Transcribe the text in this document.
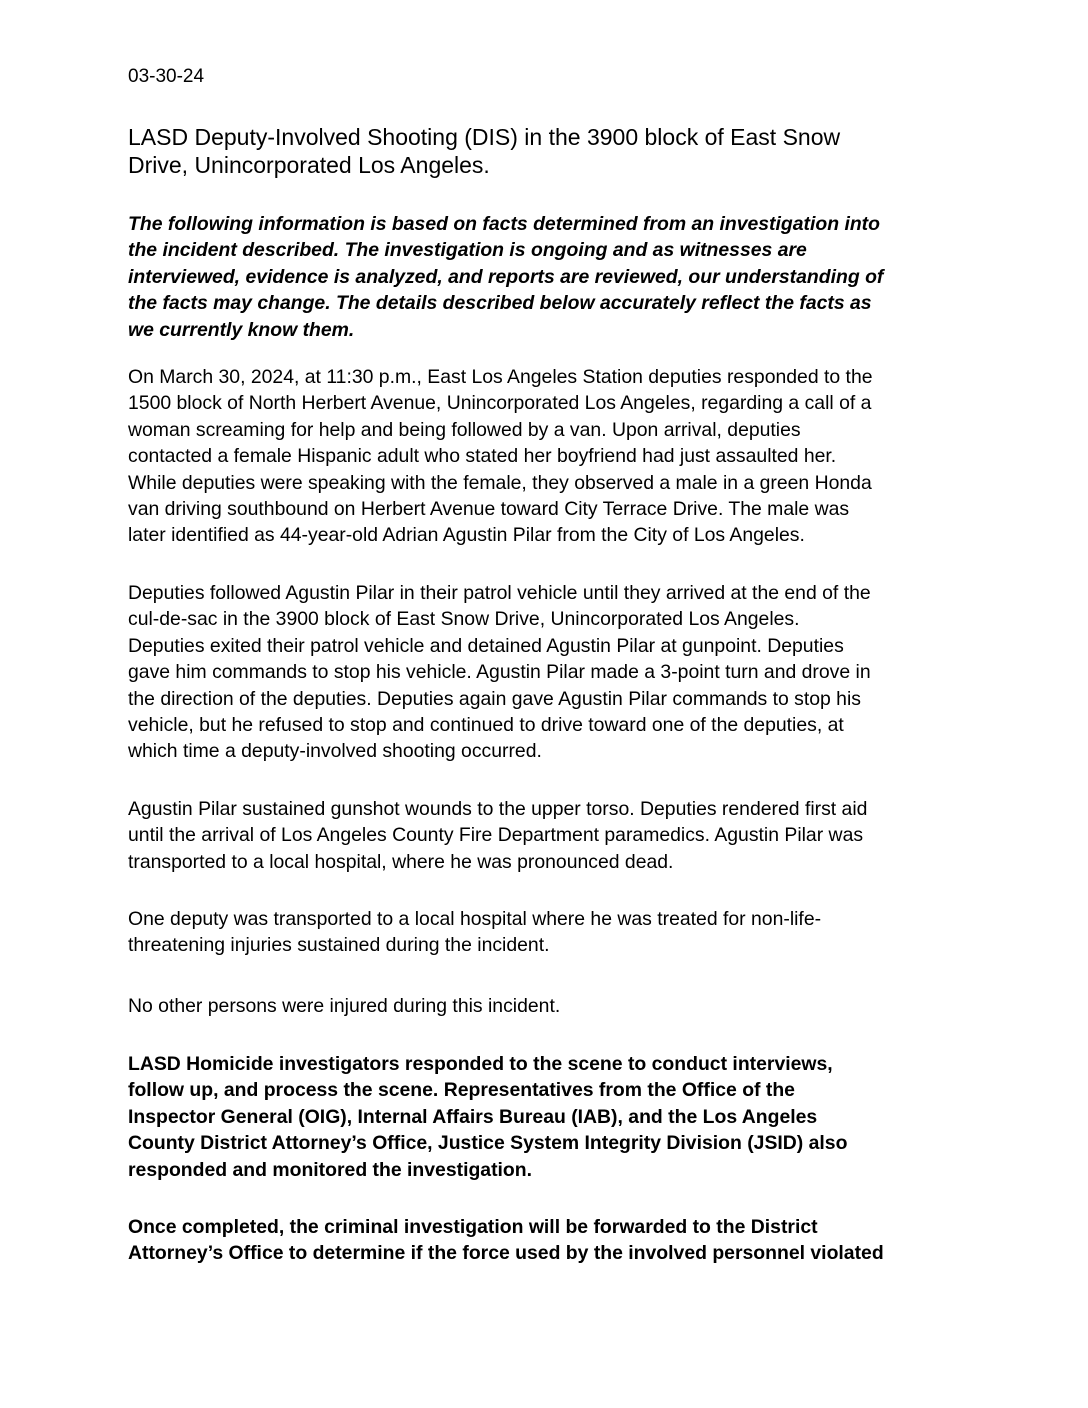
03-30-24
LASD Deputy-Involved Shooting (DIS) in the 3900 block of East Snow
Drive, Unincorporated Los Angeles.
The following information is based on facts determined from an investigation into
the incident described. The investigation is ongoing and as witnesses are
interviewed, evidence is analyzed, and reports are reviewed, our understanding of
the facts may change. The details described below accurately reflect the facts as
we currently know them.
On March 30, 2024, at 11:30 p.m., East Los Angeles Station deputies responded to the
1500 block of North Herbert Avenue, Unincorporated Los Angeles, regarding a call of a
woman screaming for help and being followed by a van. Upon arrival, deputies
contacted a female Hispanic adult who stated her boyfriend had just assaulted her.
While deputies were speaking with the female, they observed a male in a green Honda
van driving southbound on Herbert Avenue toward City Terrace Drive. The male was
later identified as 44-year-old Adrian Agustin Pilar from the City of Los Angeles.
Deputies followed Agustin Pilar in their patrol vehicle until they arrived at the end of the
cul-de-sac in the 3900 block of East Snow Drive, Unincorporated Los Angeles.
Deputies exited their patrol vehicle and detained Agustin Pilar at gunpoint. Deputies
gave him commands to stop his vehicle. Agustin Pilar made a 3-point turn and drove in
the direction of the deputies. Deputies again gave Agustin Pilar commands to stop his
vehicle, but he refused to stop and continued to drive toward one of the deputies, at
which time a deputy-involved shooting occurred.
Agustin Pilar sustained gunshot wounds to the upper torso. Deputies rendered first aid
until the arrival of Los Angeles County Fire Department paramedics. Agustin Pilar was
transported to a local hospital, where he was pronounced dead.
One deputy was transported to a local hospital where he was treated for non-life-
threatening injuries sustained during the incident.
No other persons were injured during this incident.
LASD Homicide investigators responded to the scene to conduct interviews,
follow up, and process the scene. Representatives from the Office of the
Inspector General (OIG), Internal Affairs Bureau (IAB), and the Los Angeles
County District Attorney’s Office, Justice System Integrity Division (JSID) also
responded and monitored the investigation.
Once completed, the criminal investigation will be forwarded to the District
Attorney’s Office to determine if the force used by the involved personnel violated
